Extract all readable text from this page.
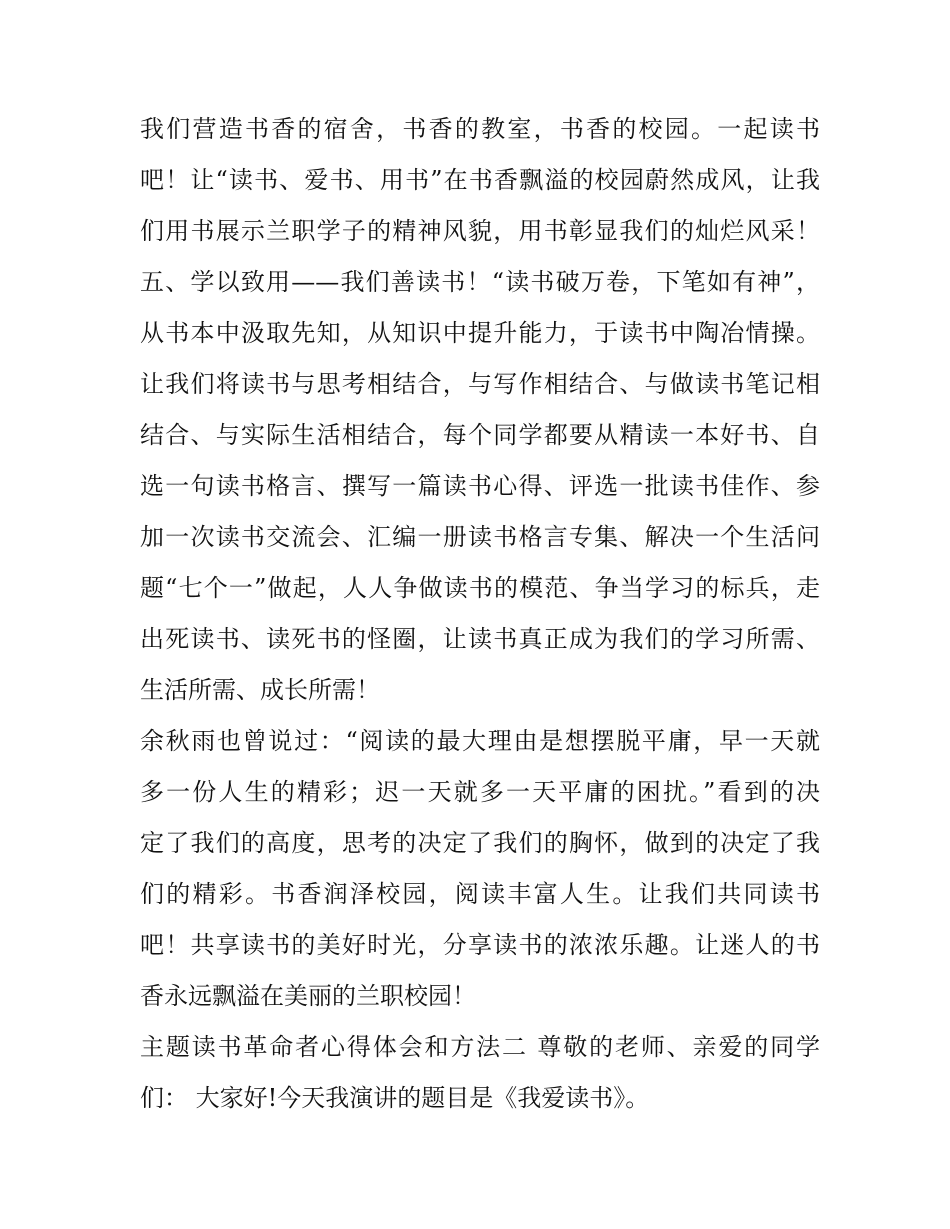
我们营造书香的宿舍，书香的教室，书香的校园。一起读书
吧！让“读书、爱书、用书”在书香飘溢的校园蔚然成风，让我
们用书展示兰职学子的精神风貌，用书彰显我们的灿烂风采！
五、学以致用——我们善读书！“读书破万卷，下笔如有神”，
从书本中汲取先知，从知识中提升能力，于读书中陶冶情操。
让我们将读书与思考相结合，与写作相结合、与做读书笔记相
结合、与实际生活相结合，每个同学都要从精读一本好书、自
选一句读书格言、撰写一篇读书心得、评选一批读书佳作、参
加一次读书交流会、汇编一册读书格言专集、解决一个生活问
题“七个一”做起，人人争做读书的模范、争当学习的标兵，走
出死读书、读死书的怪圈，让读书真正成为我们的学习所需、
生活所需、成长所需！
余秋雨也曾说过：“阅读的最大理由是想摆脱平庸，早一天就
多一份人生的精彩；迟一天就多一天平庸的困扰。”看到的决
定了我们的高度，思考的决定了我们的胸怀，做到的决定了我
们的精彩。书香润泽校园，阅读丰富人生。让我们共同读书
吧！共享读书的美好时光，分享读书的浓浓乐趣。让迷人的书
香永远飘溢在美丽的兰职校园！
主题读书革命者心得体会和方法二 尊敬的老师、亲爱的同学
们： 大家好!今天我演讲的题目是《我爱读书》。
